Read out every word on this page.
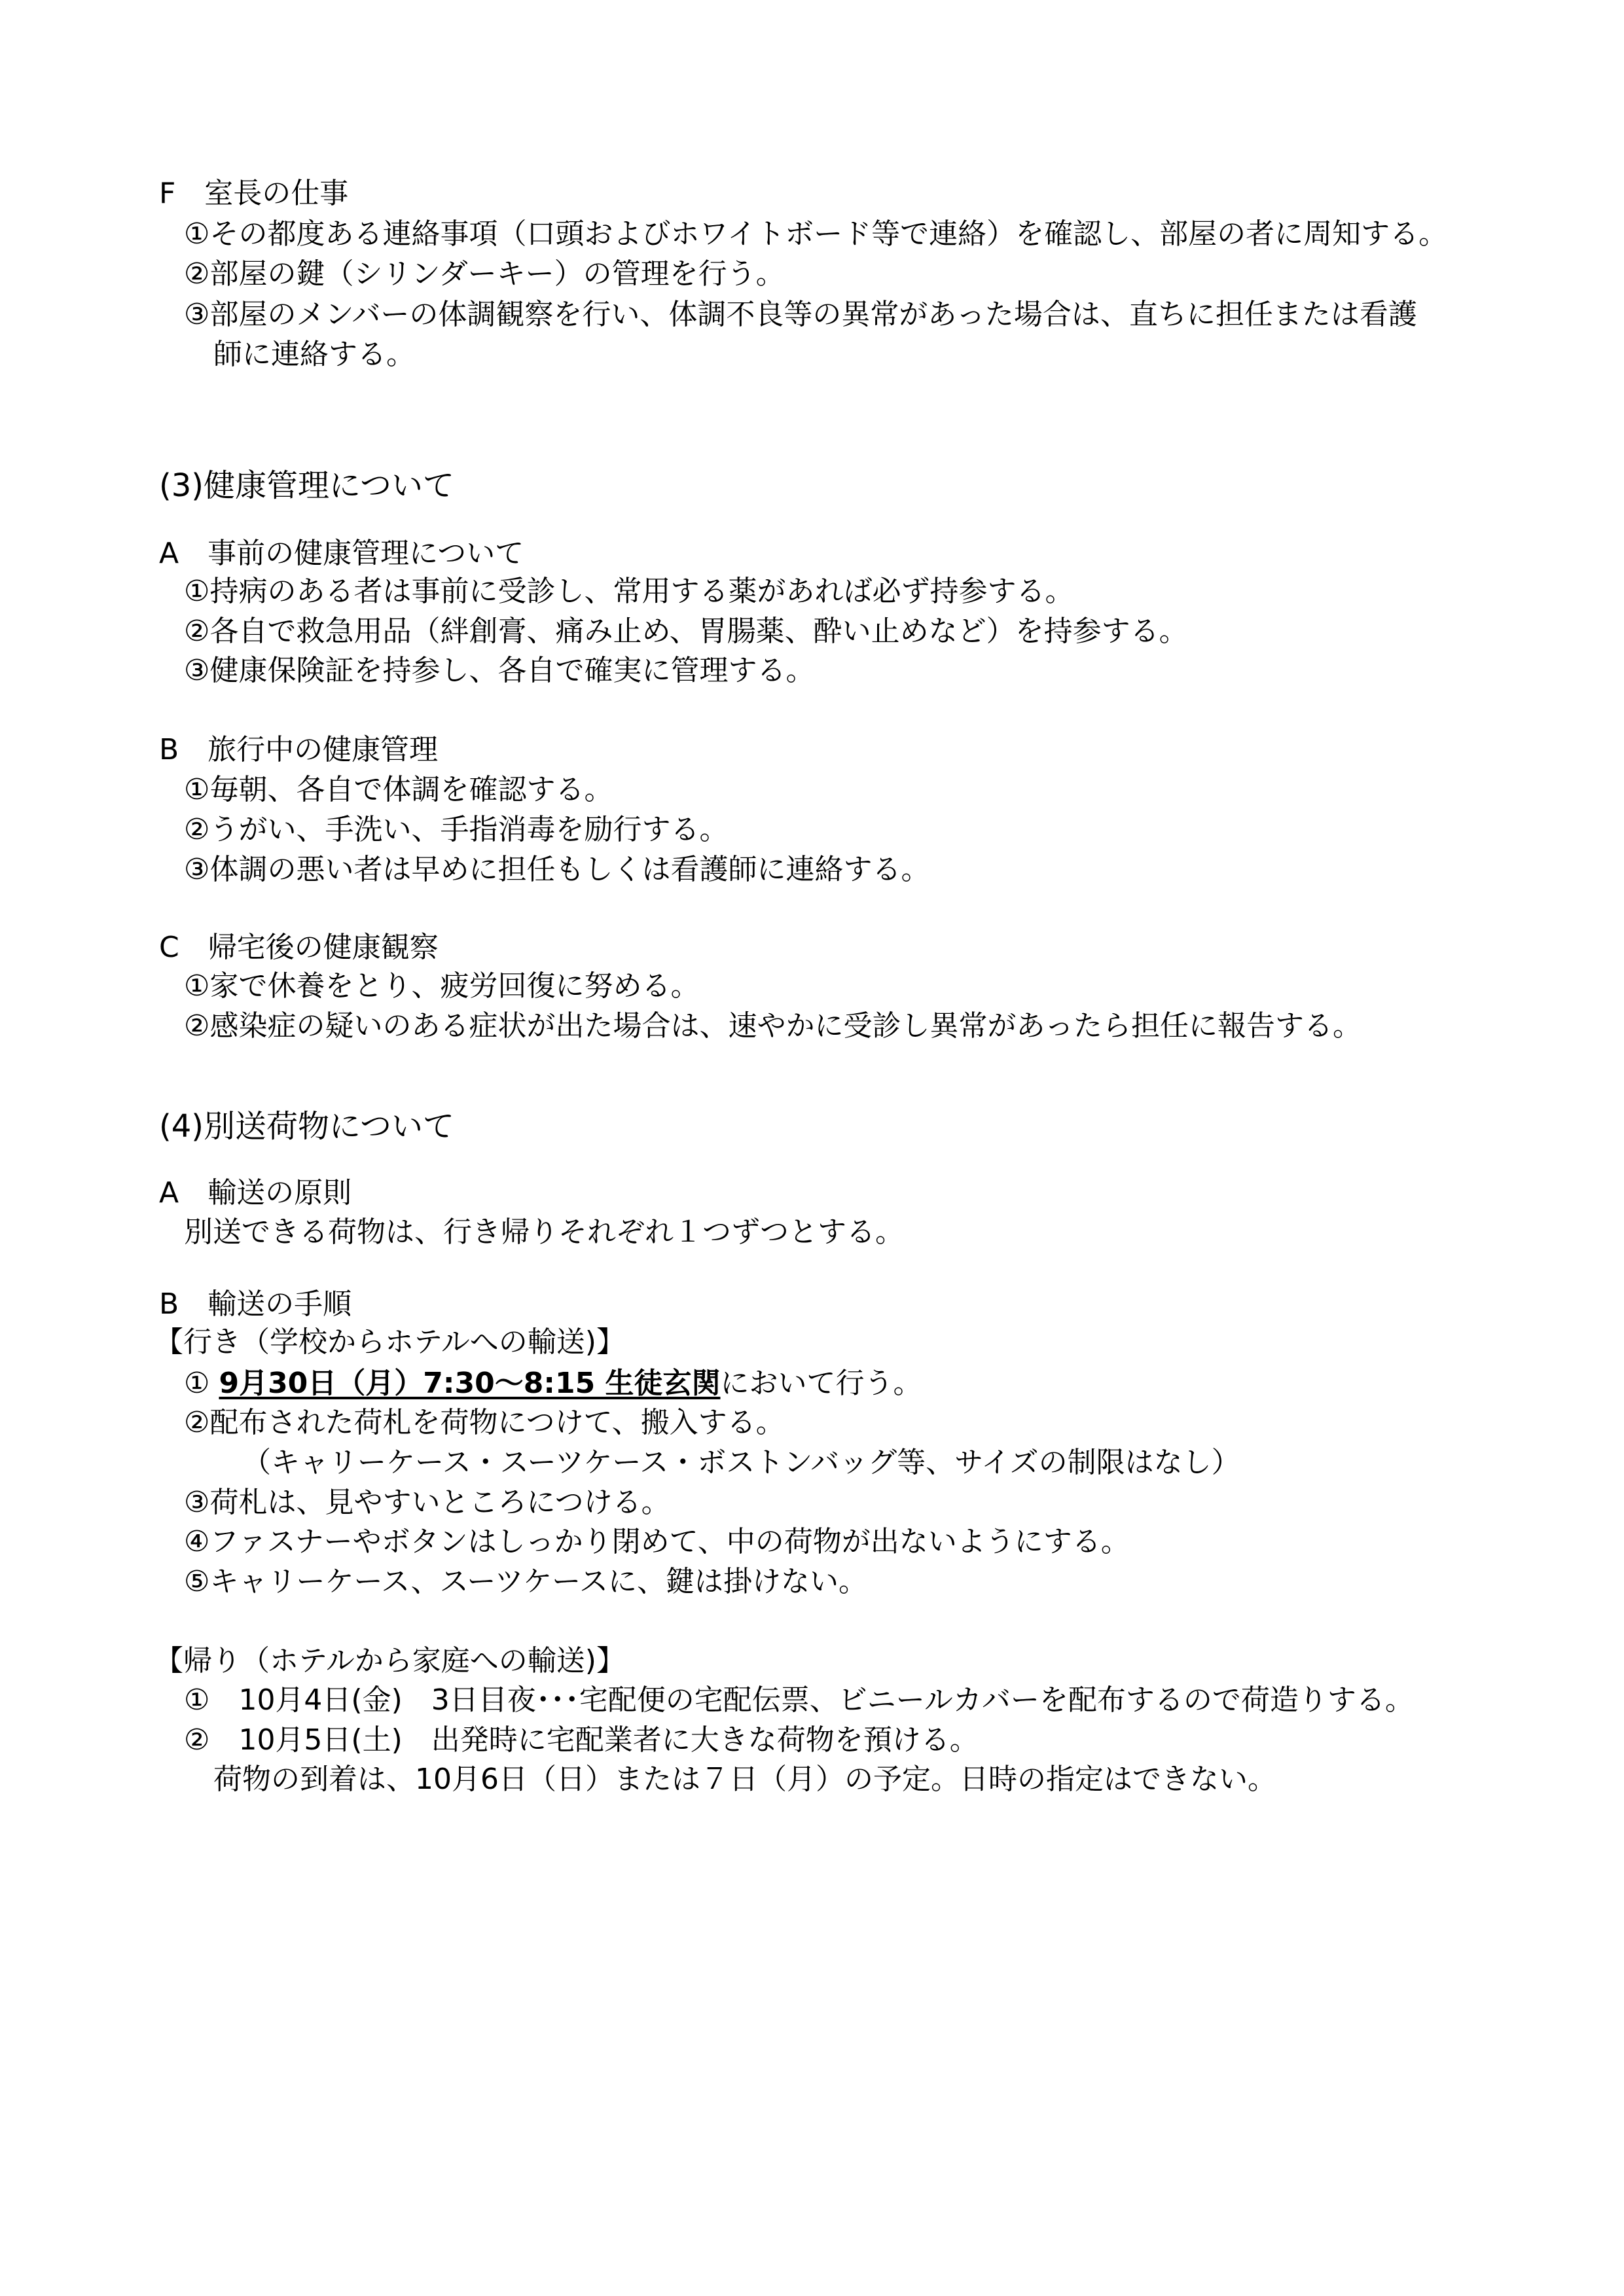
F　室長の仕事
①その都度ある連絡事項（口頭およびホワイトボード等で連絡）を確認し、部屋の者に周知する。
②部屋の鍵（シリンダーキー）の管理を行う。
③部屋のメンバーの体調観察を行い、体調不良等の異常があった場合は、直ちに担任または看護
師に連絡する。
(3)健康管理について
A　事前の健康管理について
①持病のある者は事前に受診し、常用する薬があれば必ず持参する。
②各自で救急用品（絆創膏、痛み止め、胃腸薬、酔い止めなど）を持参する。
③健康保険証を持参し、各自で確実に管理する。
B　旅行中の健康管理
①毎朝、各自で体調を確認する。
②うがい、手洗い、手指消毒を励行する。
③体調の悪い者は早めに担任もしくは看護師に連絡する。
C　帰宅後の健康観察
①家で休養をとり、疲労回復に努める。
②感染症の疑いのある症状が出た場合は、速やかに受診し異常があったら担任に報告する。
(4)別送荷物について
A　輸送の原則
別送できる荷物は、行き帰りそれぞれ１つずつとする。
B　輸送の手順
【行き（学校からホテルへの輸送)】
① 9月30日（月）7:30〜8:15 生徒玄関において行う。
②配布された荷札を荷物につけて、搬入する。
（キャリーケース・スーツケース・ボストンバッグ等、サイズの制限はなし）
③荷札は、見やすいところにつける。
④ファスナーやボタンはしっかり閉めて、中の荷物が出ないようにする。
⑤キャリーケース、スーツケースに、鍵は掛けない。
【帰り（ホテルから家庭への輸送)】
①　10月4日(金)　3日目夜･･･宅配便の宅配伝票、ビニールカバーを配布するので荷造りする。
②　10月5日(土)　出発時に宅配業者に大きな荷物を預ける。
荷物の到着は、10月6日（日）または７日（月）の予定。日時の指定はできない。
